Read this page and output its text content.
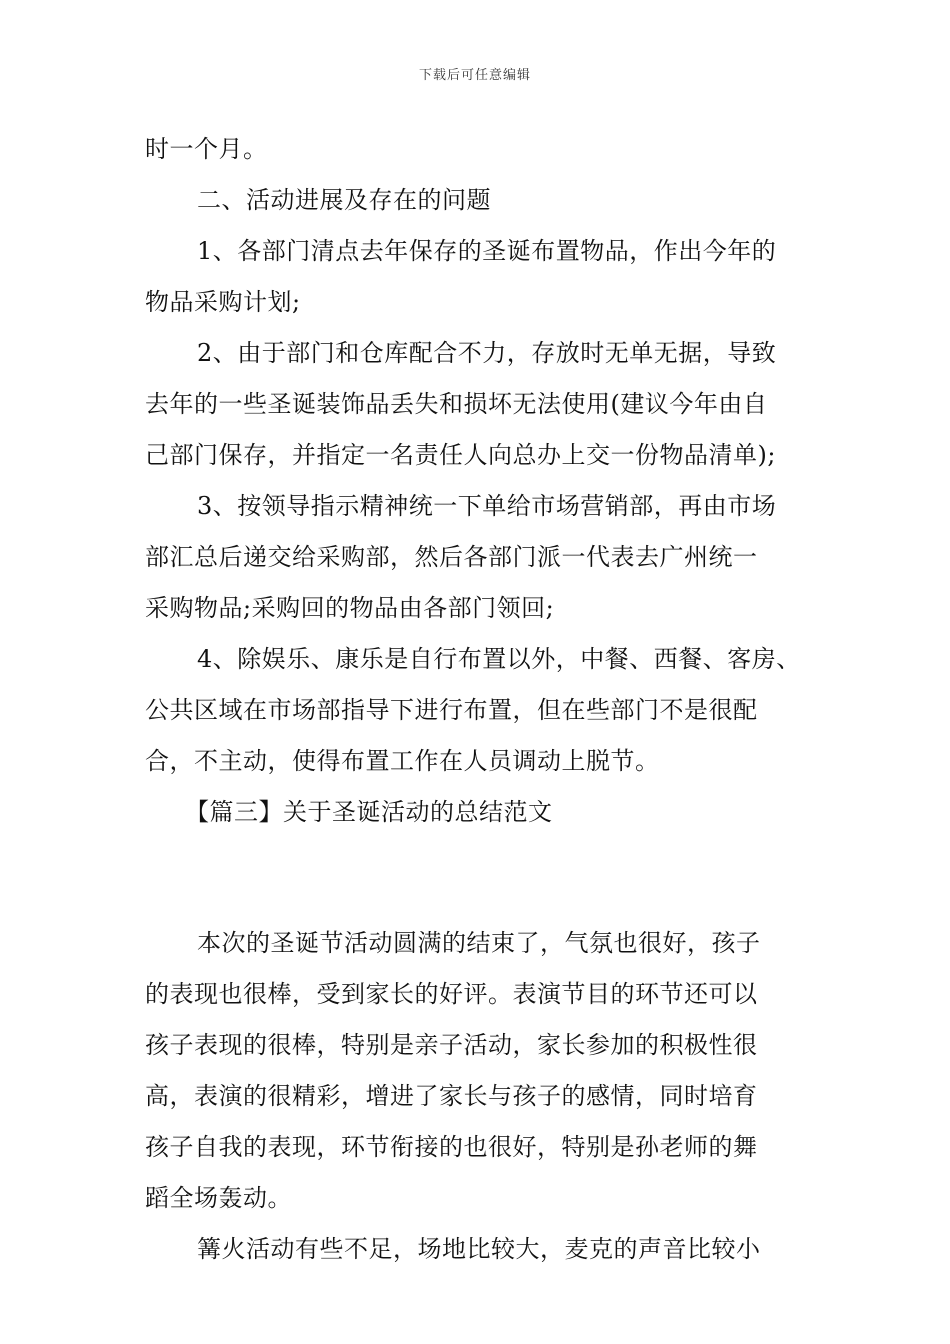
下载后可任意编辑
时一个月。
二、活动进展及存在的问题
1、各部门清点去年保存的圣诞布置物品，作出今年的
物品采购计划;
2、由于部门和仓库配合不力，存放时无单无据，导致
去年的一些圣诞装饰品丢失和损坏无法使用(建议今年由自
己部门保存，并指定一名责任人向总办上交一份物品清单);
3、按领导指示精神统一下单给市场营销部，再由市场
部汇总后递交给采购部，然后各部门派一代表去广州统一
采购物品;采购回的物品由各部门领回;
4、除娱乐、康乐是自行布置以外，中餐、西餐、客房、
公共区域在市场部指导下进行布置，但在些部门不是很配
合，不主动，使得布置工作在人员调动上脱节。
【篇三】关于圣诞活动的总结范文
本次的圣诞节活动圆满的结束了，气氛也很好，孩子
的表现也很棒，受到家长的好评。表演节目的环节还可以
孩子表现的很棒，特别是亲子活动，家长参加的积极性很
高，表演的很精彩，增进了家长与孩子的感情，同时培育
孩子自我的表现，环节衔接的也很好，特别是孙老师的舞
蹈全场轰动。
篝火活动有些不足，场地比较大，麦克的声音比较小
